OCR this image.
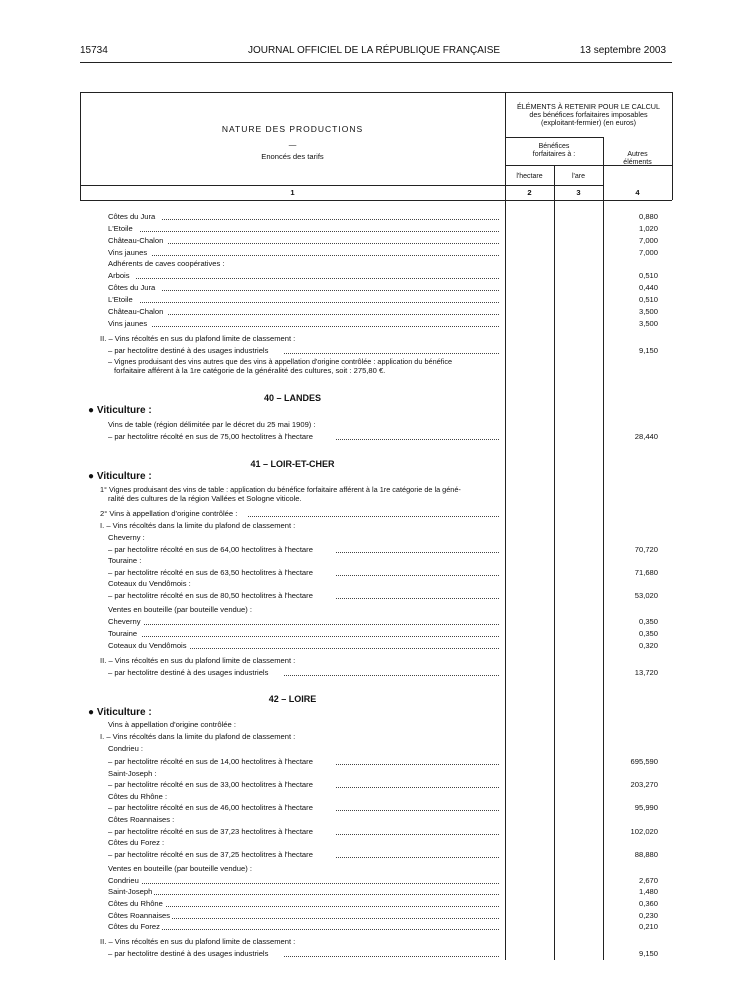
15734	JOURNAL OFFICIEL DE LA RÉPUBLIQUE FRANÇAISE	13 septembre 2003
NATURE DES PRODUCTIONS
—
Enoncés des tarifs
1
ÉLÉMENTS À RETENIR POUR LE CALCUL
des bénéfices forfaitaires imposables
(exploitant-fermier) (en euros)
Bénéfices
forfaitaires à :	Autres
éléments
l'hectare	l'are
2	3	4
Côtes du Jura	0,880
L'Etoile	1,020
Château-Chalon	7,000
Vins jaunes	7,000
Adhérents de caves coopératives :
Arbois	0,510
Côtes du Jura	0,440
L'Etoile	0,510
Château-Chalon	3,500
Vins jaunes	3,500
II. – Vins récoltés en sus du plafond limite de classement :
– par hectolitre destiné à des usages industriels	9,150
– Vignes produisant des vins autres que des vins à appellation d'origine contrôlée : application du bénéfice
forfaitaire afférent à la 1re catégorie de la généralité des cultures, soit : 275,80 €.
40 – LANDES
● Viticulture :
Vins de table (région délimitée par le décret du 25 mai 1909) :
– par hectolitre récolté en sus de 75,00 hectolitres à l'hectare	28,440
41 – LOIR-ET-CHER
● Viticulture :
1° Vignes produisant des vins de table : application du bénéfice forfaitaire afférent à la 1re catégorie de la géné-
ralité des cultures de la région Vallées et Sologne viticole.
2° Vins à appellation d'origine contrôlée :
I. – Vins récoltés dans la limite du plafond de classement :
Cheverny :
– par hectolitre récolté en sus de 64,00 hectolitres à l'hectare	70,720
Touraine :
– par hectolitre récolté en sus de 63,50 hectolitres à l'hectare	71,680
Coteaux du Vendômois :
– par hectolitre récolté en sus de 80,50 hectolitres à l'hectare	53,020
Ventes en bouteille (par bouteille vendue) :
Cheverny	0,350
Touraine	0,350
Coteaux du Vendômois	0,320
II. – Vins récoltés en sus du plafond limite de classement :
– par hectolitre destiné à des usages industriels	13,720
42 – LOIRE
● Viticulture :
Vins à appellation d'origine contrôlée :
I. – Vins récoltés dans la limite du plafond de classement :
Condrieu :
– par hectolitre récolté en sus de 14,00 hectolitres à l'hectare	695,590
Saint-Joseph :
– par hectolitre récolté en sus de 33,00 hectolitres à l'hectare	203,270
Côtes du Rhône :
– par hectolitre récolté en sus de 46,00 hectolitres à l'hectare	95,990
Côtes Roannaises :
– par hectolitre récolté en sus de 37,23 hectolitres à l'hectare	102,020
Côtes du Forez :
– par hectolitre récolté en sus de 37,25 hectolitres à l'hectare	88,880
Ventes en bouteille (par bouteille vendue) :
Condrieu	2,670
Saint-Joseph	1,480
Côtes du Rhône	0,360
Côtes Roannaises	0,230
Côtes du Forez	0,210
II. – Vins récoltés en sus du plafond limite de classement :
– par hectolitre destiné à des usages industriels	9,150
